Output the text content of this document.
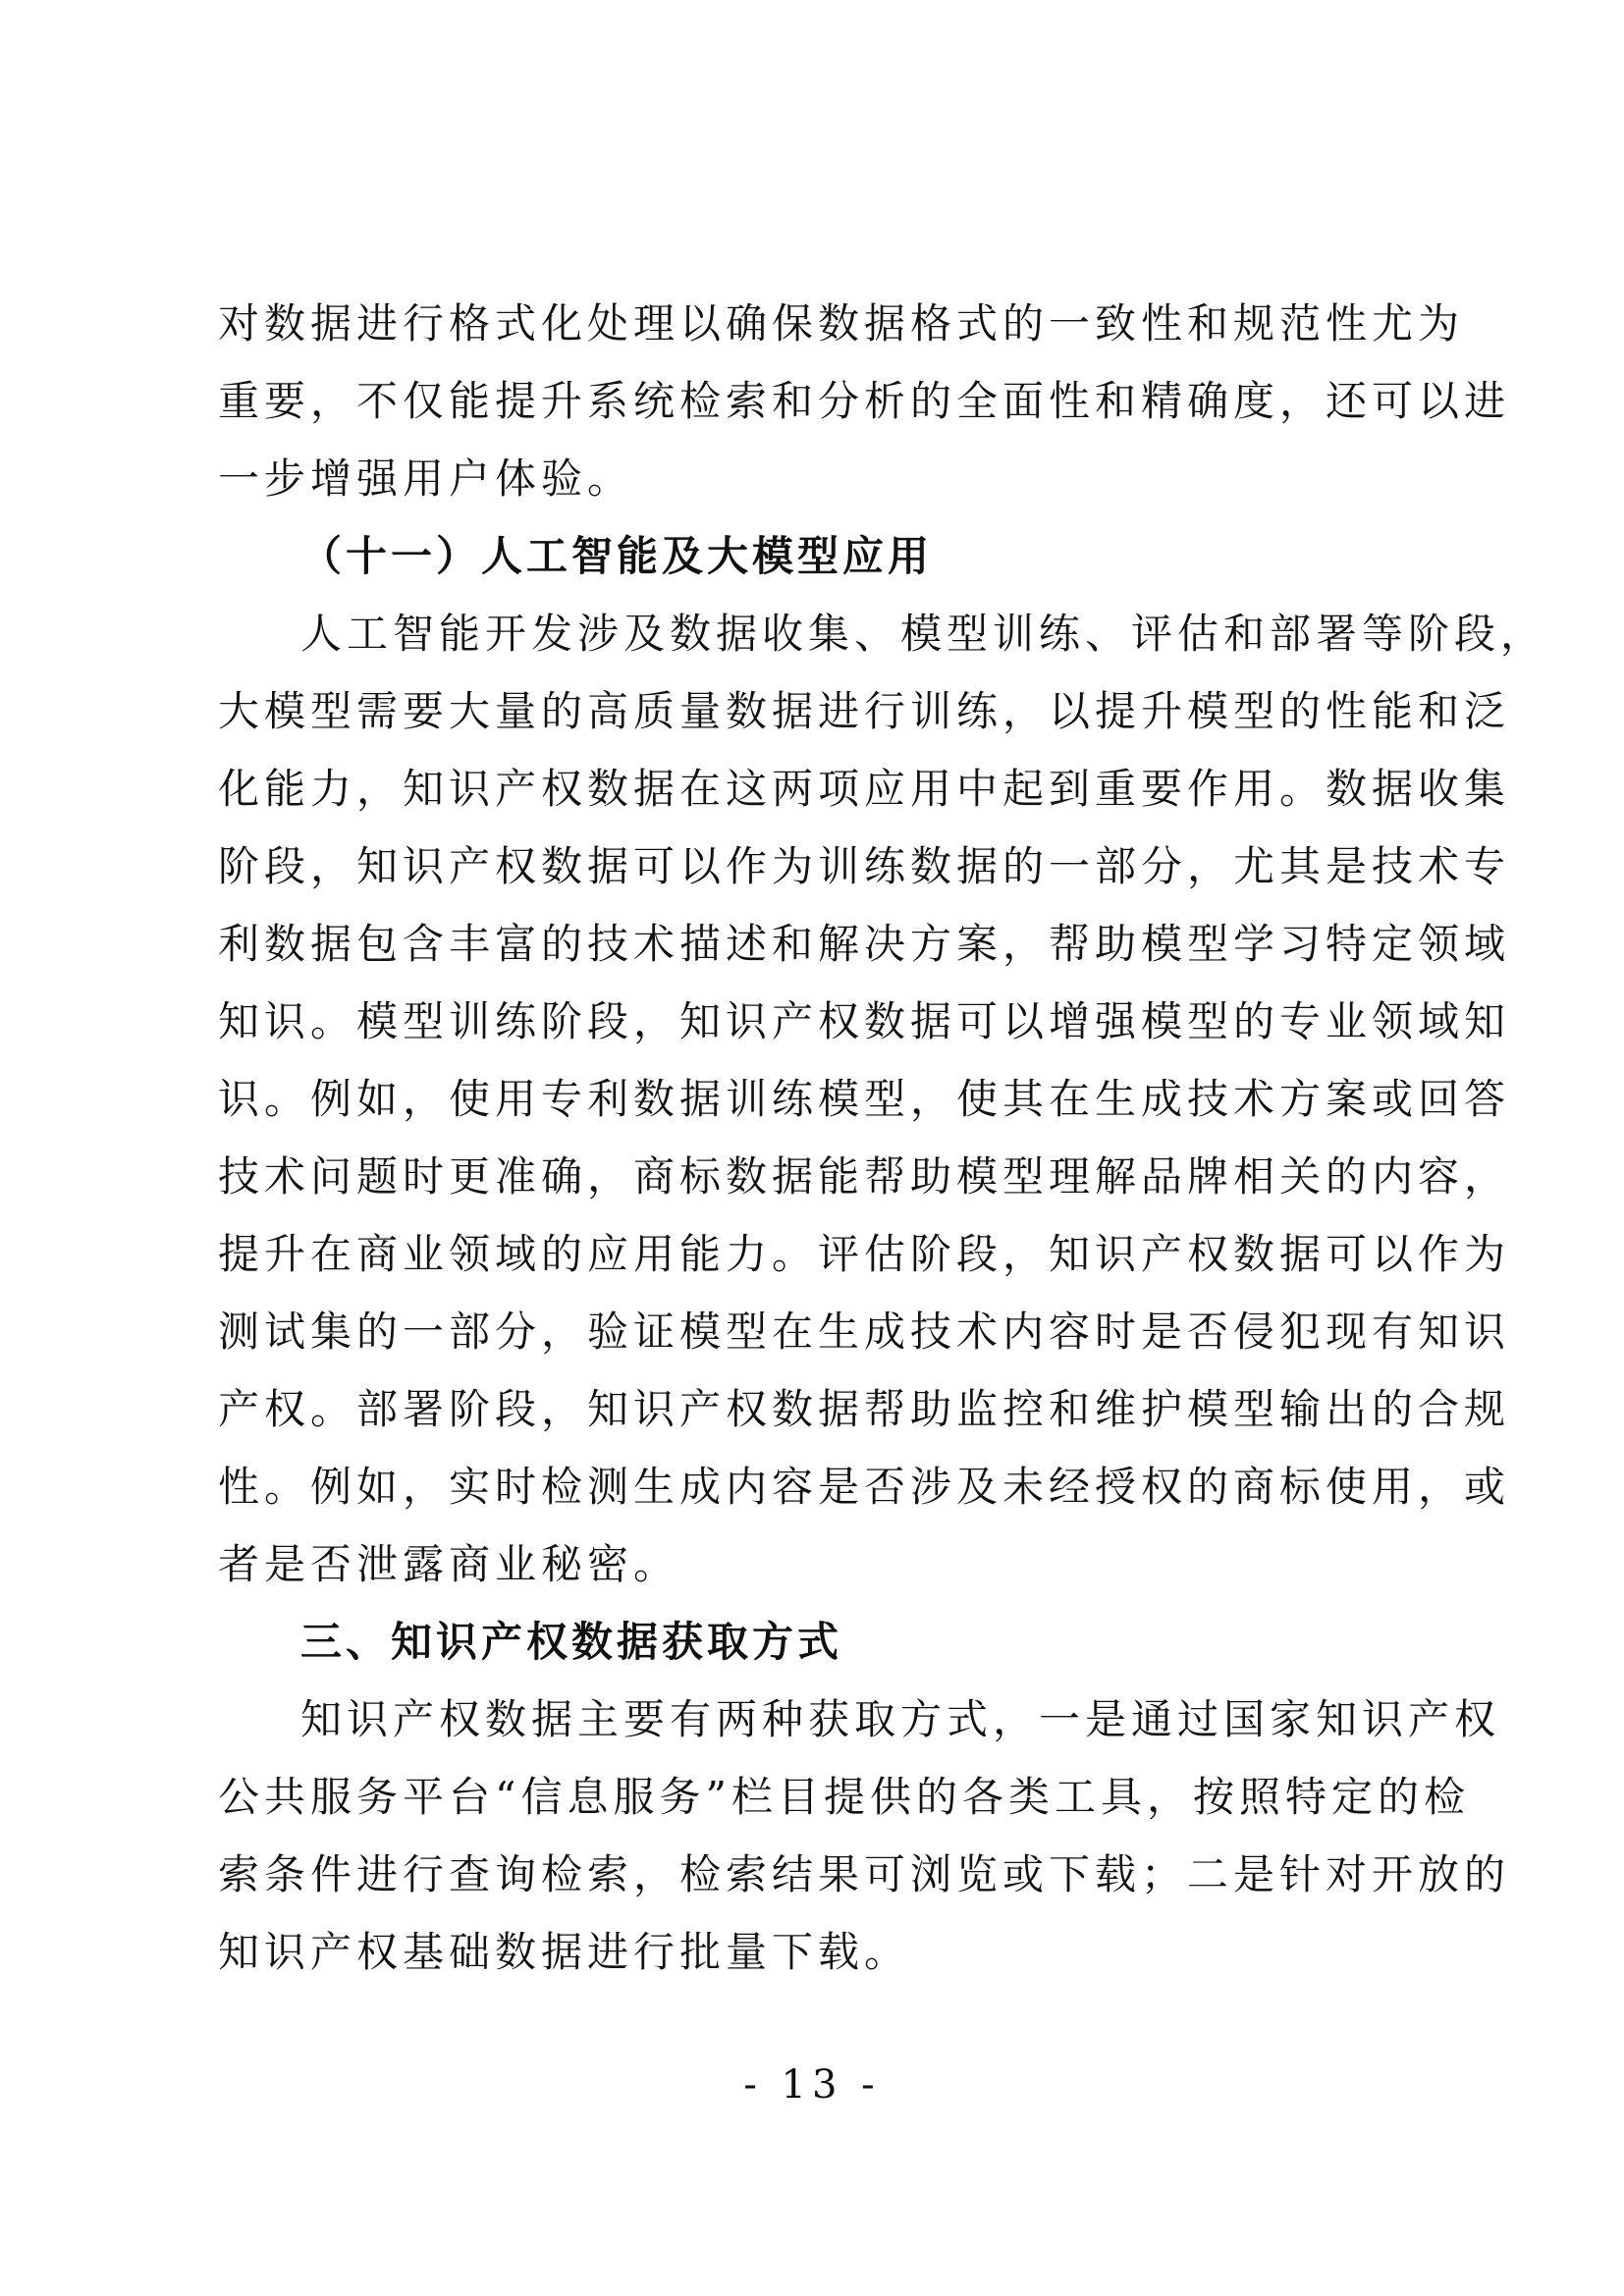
对数据进行格式化处理以确保数据格式的一致性和规范性尤为
重要，不仅能提升系统检索和分析的全面性和精确度，还可以进
一步增强用户体验。
（十一）人工智能及大模型应用
人工智能开发涉及数据收集、模型训练、评估和部署等阶段，
大模型需要大量的高质量数据进行训练，以提升模型的性能和泛
化能力，知识产权数据在这两项应用中起到重要作用。数据收集
阶段，知识产权数据可以作为训练数据的一部分，尤其是技术专
利数据包含丰富的技术描述和解决方案，帮助模型学习特定领域
知识。模型训练阶段，知识产权数据可以增强模型的专业领域知
识。例如，使用专利数据训练模型，使其在生成技术方案或回答
技术问题时更准确，商标数据能帮助模型理解品牌相关的内容，
提升在商业领域的应用能力。评估阶段，知识产权数据可以作为
测试集的一部分，验证模型在生成技术内容时是否侵犯现有知识
产权。部署阶段，知识产权数据帮助监控和维护模型输出的合规
性。例如，实时检测生成内容是否涉及未经授权的商标使用，或
者是否泄露商业秘密。
三、知识产权数据获取方式
知识产权数据主要有两种获取方式，一是通过国家知识产权
公共服务平台“信息服务”栏目提供的各类工具，按照特定的检
索条件进行查询检索，检索结果可浏览或下载；二是针对开放的
知识产权基础数据进行批量下载。
- 13 -
